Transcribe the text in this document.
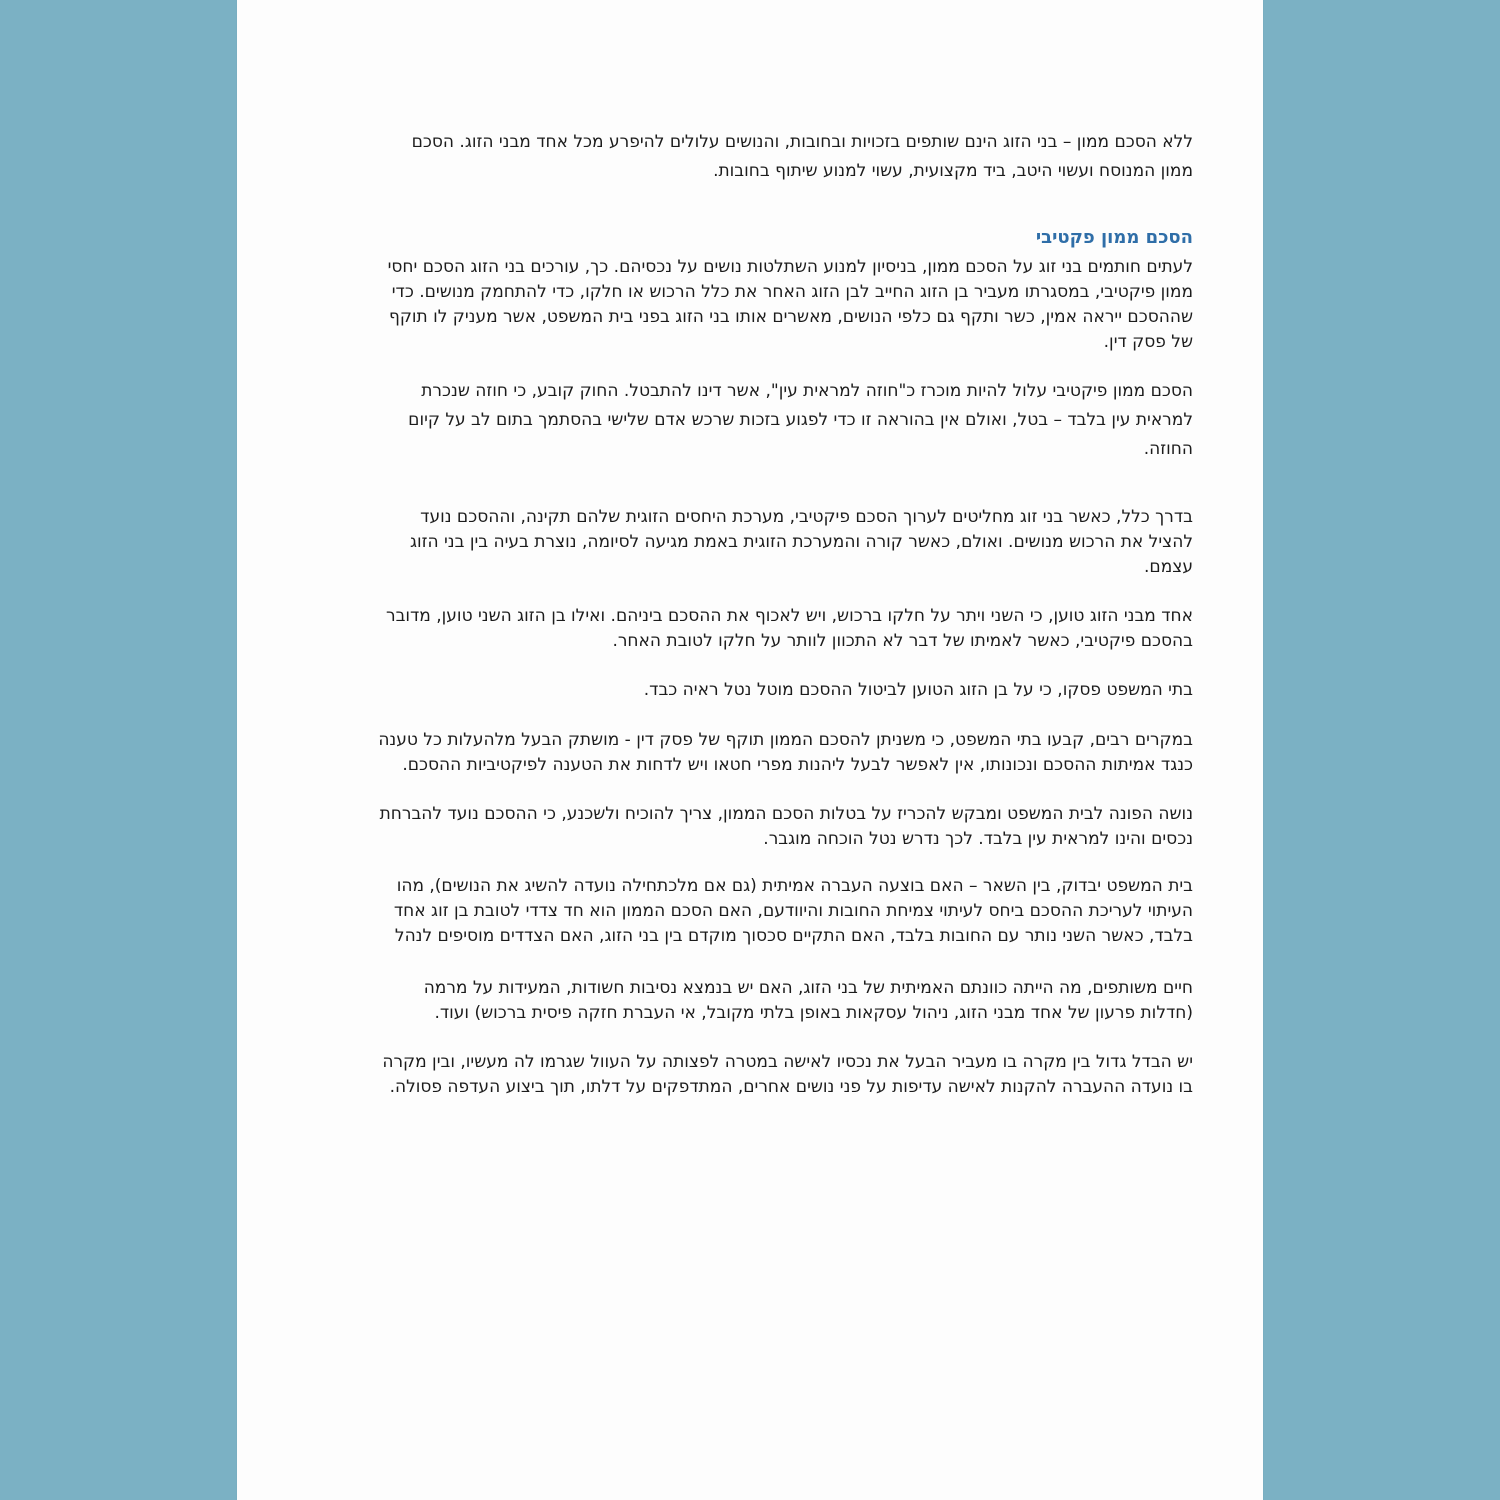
ללא הסכם ממון – בני הזוג הינם שותפים בזכויות ובחובות, והנושים עלולים להיפרע מכל אחד מבני הזוג. הסכם
ממון המנוסח ועשוי היטב, ביד מקצועית, עשוי למנוע שיתוף בחובות.

הסכם ממון פקטיבי

לעתים חותמים בני זוג על הסכם ממון, בניסיון למנוע השתלטות נושים על נכסיהם. כך, עורכים בני הזוג הסכם יחסי
ממון פיקטיבי, במסגרתו מעביר בן הזוג החייב לבן הזוג האחר את כלל הרכוש או חלקו, כדי להתחמק מנושים. כדי
שההסכם ייראה אמין, כשר ותקף גם כלפי הנושים, מאשרים אותו בני הזוג בפני בית המשפט, אשר מעניק לו תוקף
של פסק דין.

הסכם ממון פיקטיבי עלול להיות מוכרז כ"חוזה למראית עין", אשר דינו להתבטל. החוק קובע, כי חוזה שנכרת
למראית עין בלבד – בטל, ואולם אין בהוראה זו כדי לפגוע בזכות שרכש אדם שלישי בהסתמך בתום לב על קיום
החוזה.

בדרך כלל, כאשר בני זוג מחליטים לערוך הסכם פיקטיבי, מערכת היחסים הזוגית שלהם תקינה, וההסכם נועד
להציל את הרכוש מנושים. ואולם, כאשר קורה והמערכת הזוגית באמת מגיעה לסיומה, נוצרת בעיה בין בני הזוג
עצמם.

אחד מבני הזוג טוען, כי השני ויתר על חלקו ברכוש, ויש לאכוף את ההסכם ביניהם. ואילו בן הזוג השני טוען, מדובר
בהסכם פיקטיבי, כאשר לאמיתו של דבר לא התכוון לוותר על חלקו לטובת האחר.

בתי המשפט פסקו, כי על בן הזוג הטוען לביטול ההסכם מוטל נטל ראיה כבד.

במקרים רבים, קבעו בתי המשפט, כי משניתן להסכם הממון תוקף של פסק דין - מושתק הבעל מלהעלות כל טענה
כנגד אמיתות ההסכם ונכונותו, אין לאפשר לבעל ליהנות מפרי חטאו ויש לדחות את הטענה לפיקטיביות ההסכם.

נושה הפונה לבית המשפט ומבקש להכריז על בטלות הסכם הממון, צריך להוכיח ולשכנע, כי ההסכם נועד להברחת
נכסים והינו למראית עין בלבד. לכך נדרש נטל הוכחה מוגבר.

בית המשפט יבדוק, בין השאר – האם בוצעה העברה אמיתית (גם אם מלכתחילה נועדה להשיג את הנושים), מהו
העיתוי לעריכת ההסכם ביחס לעיתוי צמיחת החובות והיוודעם, האם הסכם הממון הוא חד צדדי לטובת בן זוג אחד
בלבד, כאשר השני נותר עם החובות בלבד, האם התקיים סכסוך מוקדם בין בני הזוג, האם הצדדים מוסיפים לנהל

חיים משותפים, מה הייתה כוונתם האמיתית של בני הזוג, האם יש בנמצא נסיבות חשודות, המעידות על מרמה
(חדלות פרעון של אחד מבני הזוג, ניהול עסקאות באופן בלתי מקובל, אי העברת חזקה פיסית ברכוש) ועוד.

יש הבדל גדול בין מקרה בו מעביר הבעל את נכסיו לאישה במטרה לפצותה על העוול שגרמו לה מעשיו, ובין מקרה
בו נועדה ההעברה להקנות לאישה עדיפות על פני נושים אחרים, המתדפקים על דלתו, תוך ביצוע העדפה פסולה.
